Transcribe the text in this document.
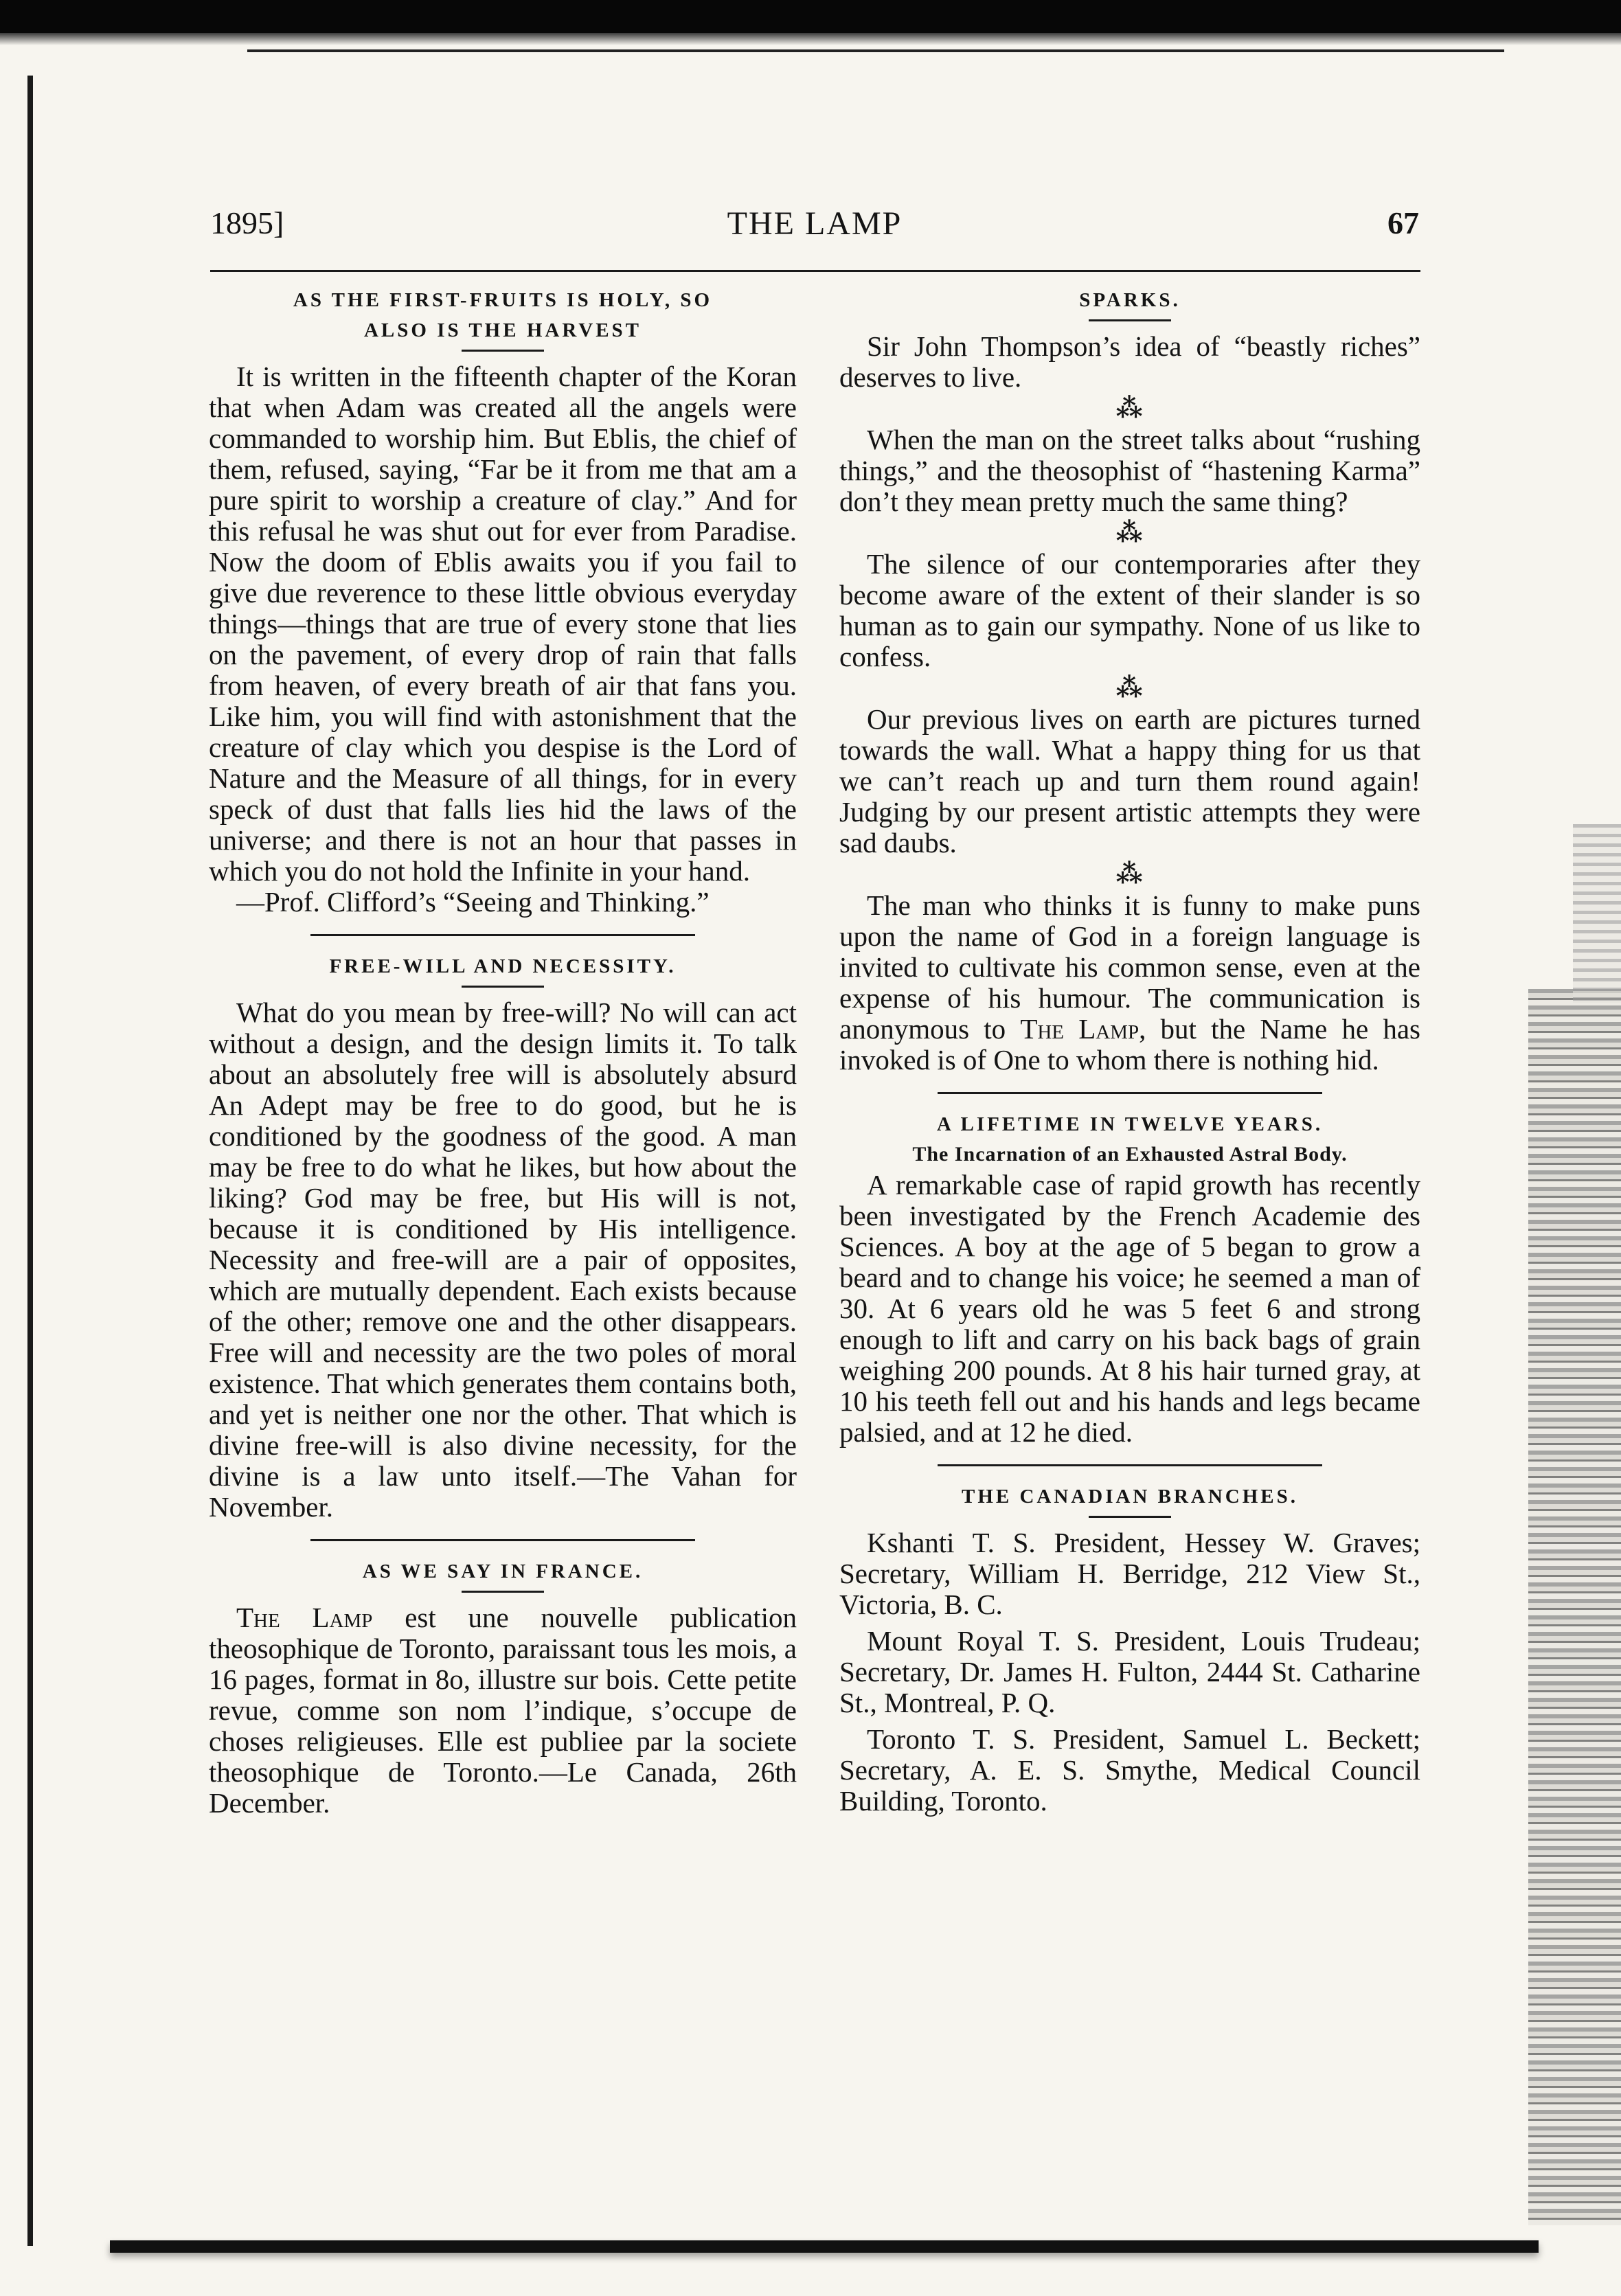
1895]	THE LAMP	67
AS THE FIRST-FRUITS IS HOLY, SO
ALSO IS THE HARVEST

It is written in the fifteenth chapter of the Koran that when Adam was created all the angels were commanded to worship him. But Eblis, the chief of them, refused, saying, “Far be it from me that am a pure spirit to worship a creature of clay.” And for this refusal he was shut out for ever from Paradise. Now the doom of Eblis awaits you if you fail to give due reverence to these little obvious everyday things—things that are true of every stone that lies on the pavement, of every drop of rain that falls from heaven, of every breath of air that fans you. Like him, you will find with astonishment that the creature of clay which you despise is the Lord of Nature and the Measure of all things, for in every speck of dust that falls lies hid the laws of the universe; and there is not an hour that passes in which you do not hold the Infinite in your hand.

—Prof. Clifford’s “Seeing and Thinking.”

FREE-WILL AND NECESSITY.

What do you mean by free-will? No will can act without a design, and the design limits it. To talk about an absolutely free will is absolutely absurd An Adept may be free to do good, but he is conditioned by the goodness of the good. A man may be free to do what he likes, but how about the liking? God may be free, but His will is not, because it is conditioned by His intelligence. Necessity and free-will are a pair of opposites, which are mutually dependent. Each exists because of the other; remove one and the other disappears. Free will and necessity are the two poles of moral existence. That which generates them contains both, and yet is neither one nor the other. That which is divine free-will is also divine necessity, for the divine is a law unto itself.—The Vahan for November.

AS WE SAY IN FRANCE.

The Lamp est une nouvelle publication theosophique de Toronto, paraissant tous les mois, a 16 pages, format in 8o, illustre sur bois. Cette petite revue, comme son nom l’indique, s’occupe de choses religieuses. Elle est publiee par la societe theosophique de Toronto.—Le Canada, 26th December.

SPARKS.

Sir John Thompson’s idea of “beastly riches” deserves to live.

⁂

When the man on the street talks about “rushing things,” and the theosophist of “hastening Karma” don’t they mean pretty much the same thing?

⁂

The silence of our contemporaries after they become aware of the extent of their slander is so human as to gain our sympathy. None of us like to confess.

⁂

Our previous lives on earth are pictures turned towards the wall. What a happy thing for us that we can’t reach up and turn them round again! Judging by our present artistic attempts they were sad daubs.

⁂

The man who thinks it is funny to make puns upon the name of God in a foreign language is invited to cultivate his common sense, even at the expense of his humour. The communication is anonymous to The Lamp, but the Name he has invoked is of One to whom there is nothing hid.

A LIFETIME IN TWELVE YEARS.
The Incarnation of an Exhausted Astral Body.

A remarkable case of rapid growth has recently been investigated by the French Academie des Sciences. A boy at the age of 5 began to grow a beard and to change his voice; he seemed a man of 30. At 6 years old he was 5 feet 6 and strong enough to lift and carry on his back bags of grain weighing 200 pounds. At 8 his hair turned gray, at 10 his teeth fell out and his hands and legs became palsied, and at 12 he died.

THE CANADIAN BRANCHES.

Kshanti T. S. President, Hessey W. Graves; Secretary, William H. Berridge, 212 View St., Victoria, B. C.

Mount Royal T. S. President, Louis Trudeau; Secretary, Dr. James H. Fulton, 2444 St. Catharine St., Montreal, P. Q.

Toronto T. S. President, Samuel L. Beckett; Secretary, A. E. S. Smythe, Medical Council Building, Toronto.
